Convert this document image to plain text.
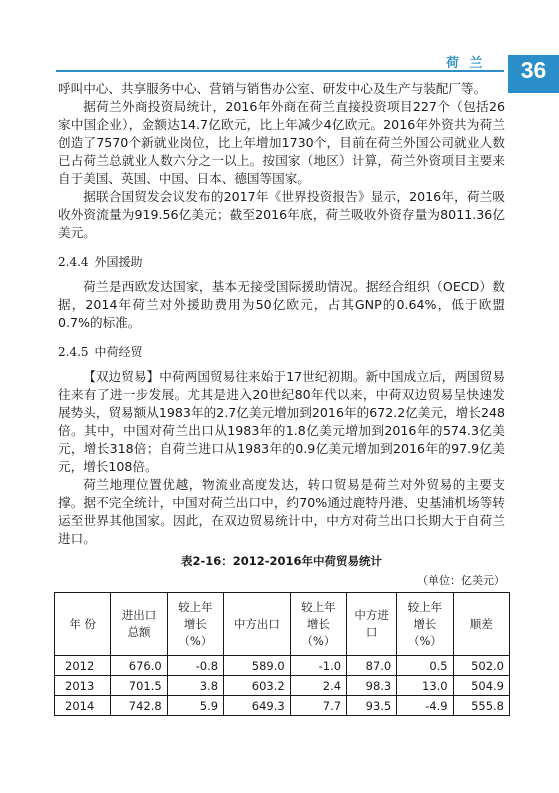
荷 兰	36

呼叫中心、共享服务中心、营销与销售办公室、研发中心及生产与装配厂等。

据荷兰外商投资局统计，2016年外商在荷兰直接投资项目227个（包括26家中国企业），金额达14.7亿欧元，比上年减少4亿欧元。2016年外资共为荷兰创造了7570个新就业岗位，比上年增加1730个，目前在荷兰外国公司就业人数已占荷兰总就业人数六分之一以上。按国家（地区）计算，荷兰外资项目主要来自于美国、英国、中国、日本、德国等国家。

据联合国贸发会议发布的2017年《世界投资报告》显示，2016年，荷兰吸收外资流量为919.56亿美元；截至2016年底，荷兰吸收外资存量为8011.36亿美元。

2.4.4 外国援助

荷兰是西欧发达国家，基本无接受国际援助情况。据经合组织（OECD）数据，2014年荷兰对外援助费用为50亿欧元，占其GNP的0.64%，低于欧盟0.7%的标准。

2.4.5 中荷经贸

【双边贸易】中荷两国贸易往来始于17世纪初期。新中国成立后，两国贸易往来有了进一步发展。尤其是进入20世纪80年代以来，中荷双边贸易呈快速发展势头，贸易额从1983年的2.7亿美元增加到2016年的672.2亿美元，增长248倍。其中，中国对荷兰出口从1983年的1.8亿美元增加到2016年的574.3亿美元，增长318倍；自荷兰进口从1983年的0.9亿美元增加到2016年的97.9亿美元，增长108倍。

荷兰地理位置优越，物流业高度发达，转口贸易是荷兰对外贸易的主要支撑。据不完全统计，中国对荷兰出口中，约70%通过鹿特丹港、史基浦机场等转运至世界其他国家。因此，在双边贸易统计中，中方对荷兰出口长期大于自荷兰进口。

表2-16：2012-2016年中荷贸易统计
（单位：亿美元）
年 份	进出口总额	较上年增长（%）	中方出口	较上年增长（%）	中方进口	较上年增长（%）	顺差
2012	676.0	-0.8	589.0	-1.0	87.0	0.5	502.0
2013	701.5	3.8	603.2	2.4	98.3	13.0	504.9
2014	742.8	5.9	649.3	7.7	93.5	-4.9	555.8
